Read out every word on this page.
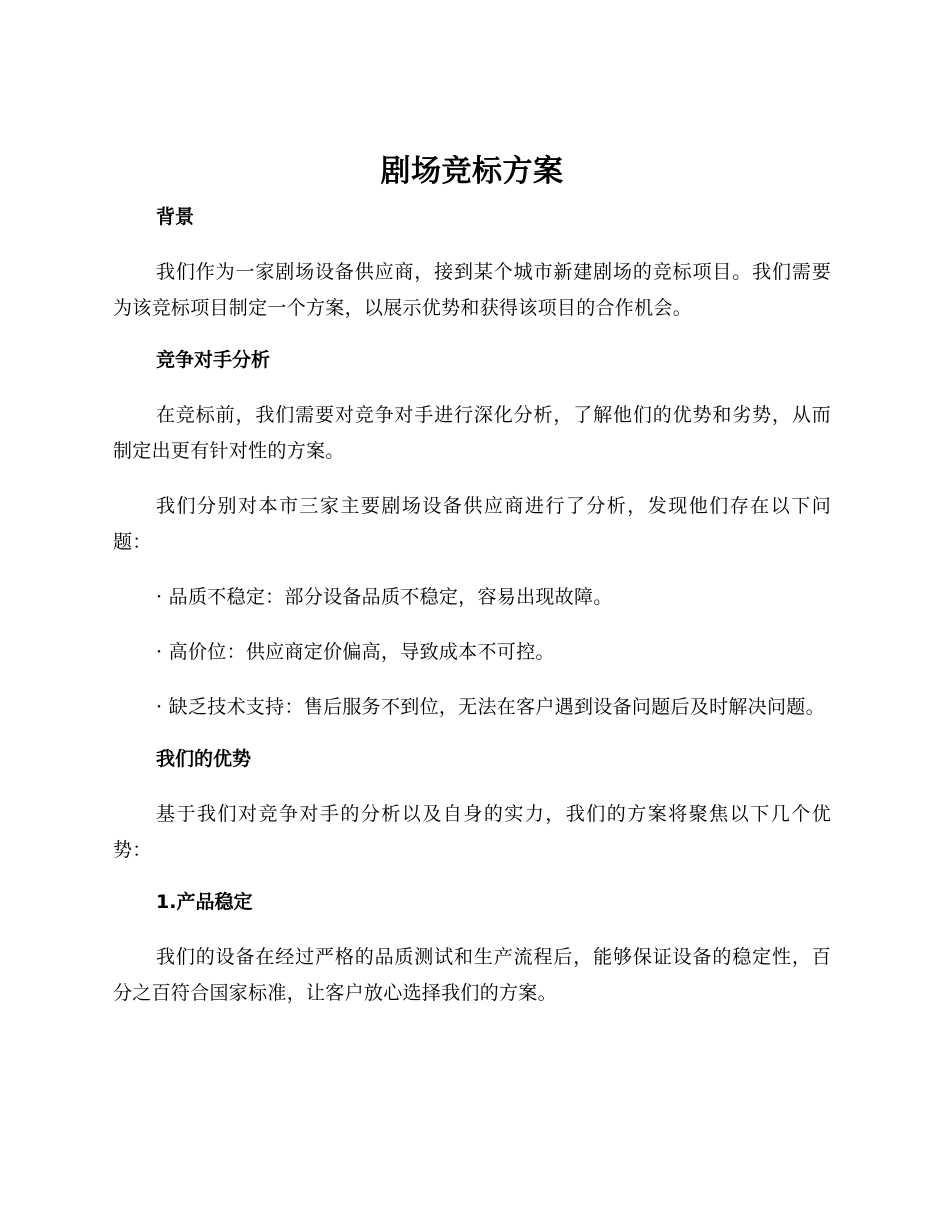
剧场竞标方案
背景

我们作为一家剧场设备供应商，接到某个城市新建剧场的竞标项目。我们需要为该竞标项目制定一个方案，以展示优势和获得该项目的合作机会。

竞争对手分析

在竞标前，我们需要对竞争对手进行深化分析，了解他们的优势和劣势，从而制定出更有针对性的方案。

我们分别对本市三家主要剧场设备供应商进行了分析，发现他们存在以下问题：

· 品质不稳定：部分设备品质不稳定，容易出现故障。

· 高价位：供应商定价偏高，导致成本不可控。

· 缺乏技术支持：售后服务不到位，无法在客户遇到设备问题后及时解决问题。

我们的优势

基于我们对竞争对手的分析以及自身的实力，我们的方案将聚焦以下几个优势：

1.产品稳定

我们的设备在经过严格的品质测试和生产流程后，能够保证设备的稳定性，百分之百符合国家标准，让客户放心选择我们的方案。
